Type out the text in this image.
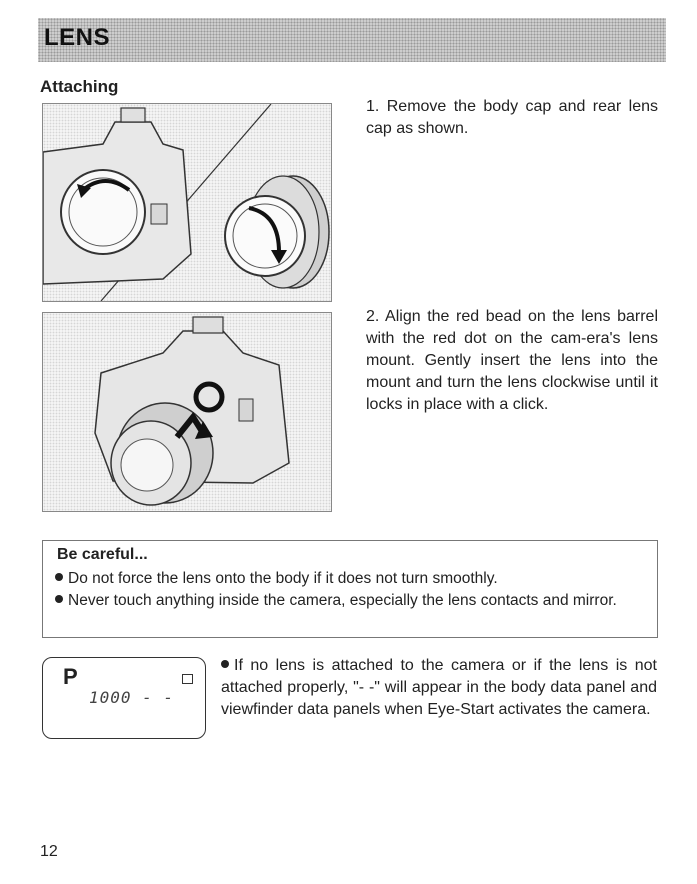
LENS
Attaching
1. Remove the body cap and rear lens cap as shown.
2. Align the red bead on the lens barrel with the red dot on the cam-era's lens mount. Gently insert the lens into the mount and turn the lens clockwise until it locks in place with a click.
Be careful...
Do not force the lens onto the body if it does not turn smoothly.
Never touch anything inside the camera, especially the lens contacts and mirror.
P
1000 - -
If no lens is attached to the camera or if the lens is not attached properly, "- -" will appear in the body data panel and viewfinder data panels when Eye-Start activates the camera.
12
